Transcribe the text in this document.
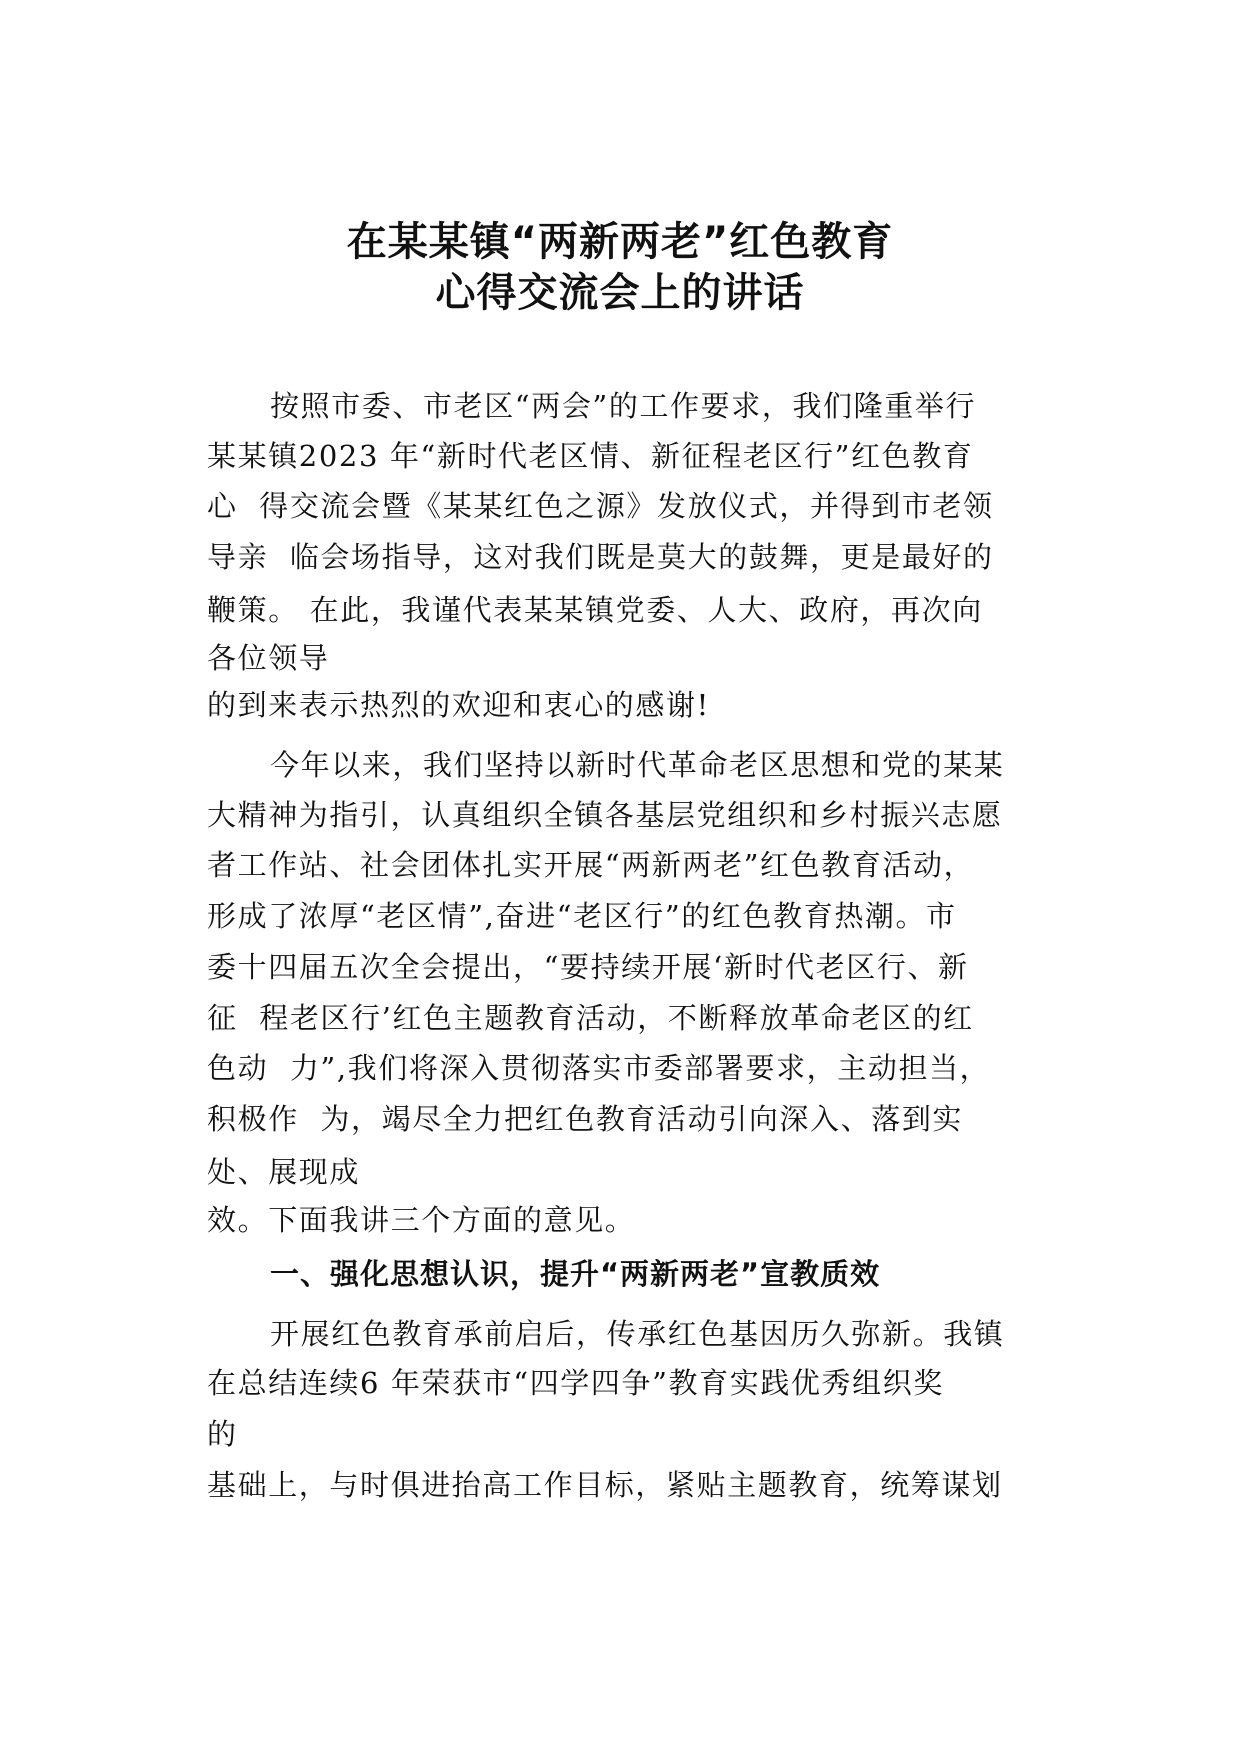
在某某镇“两新两老”红色教育
心得交流会上的讲话
按照市委、市老区“两会”的工作要求，我们隆重举行
某某镇2023 年“新时代老区情、新征程老区行”红色教育
心  得交流会暨《某某红色之源》发放仪式，并得到市老领
导亲  临会场指导，这对我们既是莫大的鼓舞，更是最好的
鞭策。 在此，我谨代表某某镇党委、人大、政府，再次向
各位领导
的到来表示热烈的欢迎和衷心的感谢!
今年以来，我们坚持以新时代革命老区思想和党的某某
大精神为指引，认真组织全镇各基层党组织和乡村振兴志愿
者工作站、社会团体扎实开展“两新两老”红色教育活动，
形成了浓厚“老区情”,奋进“老区行”的红色教育热潮。市
委十四届五次全会提出，“要持续开展‘新时代老区行、新
征  程老区行’红色主题教育活动，不断释放革命老区的红
色动  力”,我们将深入贯彻落实市委部署要求，主动担当，
积极作  为，竭尽全力把红色教育活动引向深入、落到实
处、展现成
效。下面我讲三个方面的意见。
一、强化思想认识，提升“两新两老”宣教质效
开展红色教育承前启后，传承红色基因历久弥新。我镇
在总结连续6 年荣获市“四学四争”教育实践优秀组织奖
的
基础上，与时俱进抬高工作目标，紧贴主题教育，统筹谋划
